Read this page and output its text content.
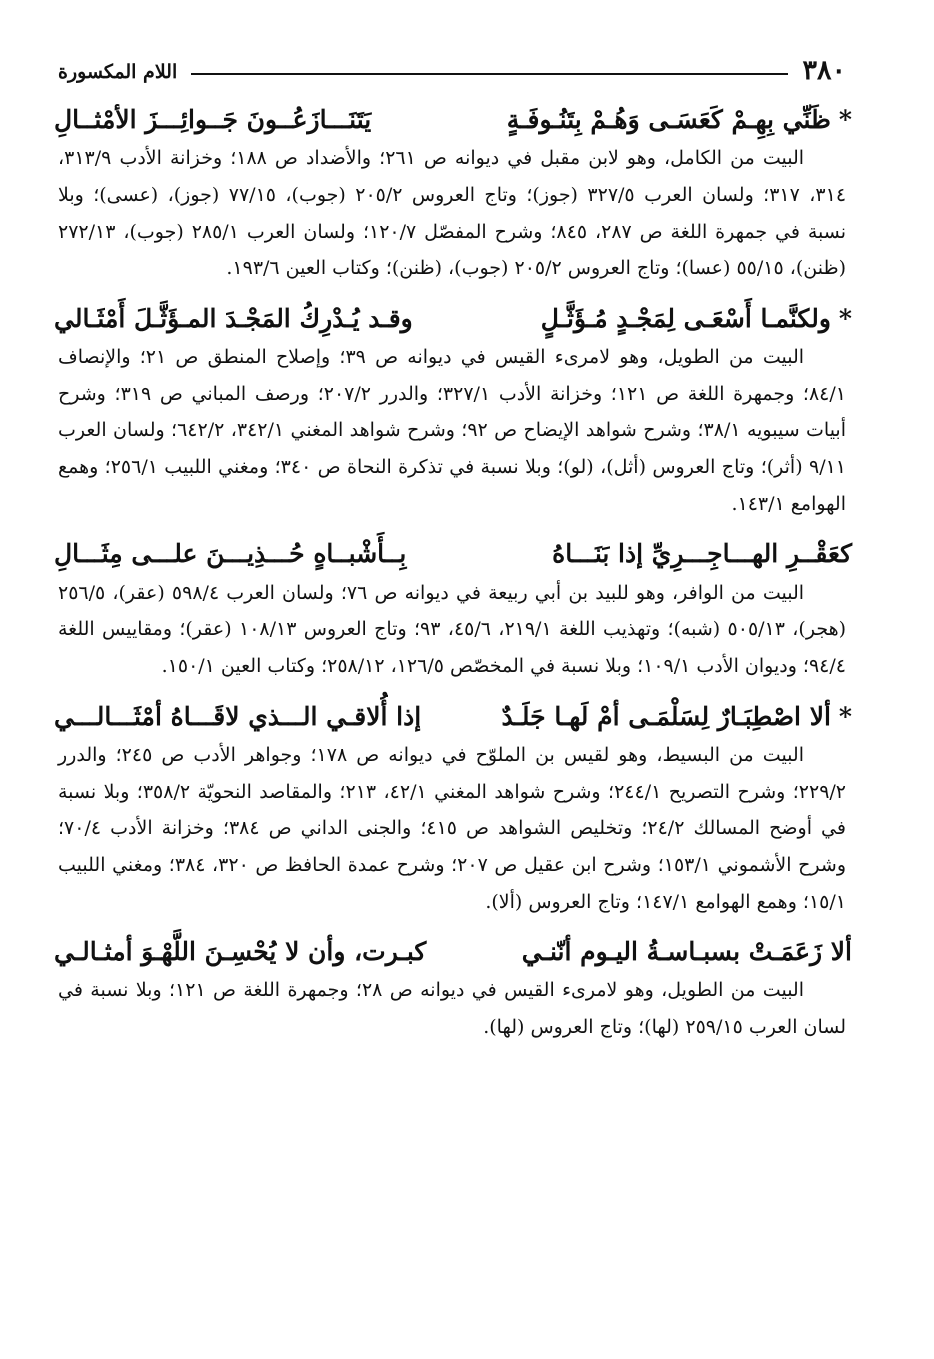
٣٨٠
اللام المكسورة
*ظَنِّي بِهِـمْ كَعَسَـى وَهُـمْ بِتَنُـوفَـةٍ
يَتَنَـــازَعُــونَ جَــوائِـــزَ الأمْثــالِ

البيت من الكامل، وهو لابن مقبل في ديوانه ص ٢٦١؛ والأضداد ص ١٨٨؛ وخزانة الأدب ٣١٣/٩، ٣١٤، ٣١٧؛ ولسان العرب ٣٢٧/٥ (جوز)؛ وتاج العروس ٢٠٥/٢ (جوب)، ٧٧/١٥ (جوز)، (عسى)؛ وبلا نسبة في جمهرة اللغة ص ٢٨٧، ٨٤٥؛ وشرح المفصّل ١٢٠/٧؛ ولسان العرب ٢٨٥/١ (جوب)، ٢٧٢/١٣ (ظنن)، ٥٥/١٥ (عسا)؛ وتاج العروس ٢٠٥/٢ (جوب)، (ظنن)؛ وكتاب العين ١٩٣/٦.

*ولكنَّمـا أَسْعَـى لِمَجْـدٍ مُـؤَثَّـلٍ
وقـد يُـدْرِكُ المَجْـدَ المـؤَثَّـلَ أَمْثَـالي

البيت من الطويل، وهو لامرىء القيس في ديوانه ص ٣٩؛ وإصلاح المنطق ص ٢١؛ والإنصاف ٨٤/١؛ وجمهرة اللغة ص ١٢١؛ وخزانة الأدب ٣٢٧/١؛ والدرر ٢٠٧/٢؛ ورصف المباني ص ٣١٩؛ وشرح أبيات سيبويه ٣٨/١؛ وشرح شواهد الإيضاح ص ٩٢؛ وشرح شواهد المغني ٣٤٢/١، ٦٤٢/٢؛ ولسان العرب ٩/١١ (أثر)؛ وتاج العروس (أثل)، (لو)؛ وبلا نسبة في تذكرة النحاة ص ٣٤٠؛ ومغني اللبيب ٢٥٦/١؛ وهمع الهوامع ١٤٣/١.

كعَقْــرِ الهـــاجِـــرِيِّ إذا بَنَـــاهُ
بِــأَشْبــاهٍ حُـــذِيـــنَ علـــى مِثَـــالِ

البيت من الوافر، وهو للبيد بن أبي ربيعة في ديوانه ص ٧٦؛ ولسان العرب ٥٩٨/٤ (عقر)، ٢٥٦/٥ (هجر)، ٥٠٥/١٣ (شبه)؛ وتهذيب اللغة ٢١٩/١، ٤٥/٦، ٩٣؛ وتاج العروس ١٠٨/١٣ (عقر)؛ ومقاييس اللغة ٩٤/٤؛ وديوان الأدب ١٠٩/١؛ وبلا نسبة في المخصّص ١٢٦/٥، ٢٥٨/١٢؛ وكتاب العين ١٥٠/١.

*ألا اصْطِبَـارٌ لِسَلْمَـى أمْ لَهـا جَلَـدٌ
إذا أُلاقـي الـــذي لاقَـــاهُ أمْثَـــالـــي

البيت من البسيط، وهو لقيس بن الملوّح في ديوانه ص ١٧٨؛ وجواهر الأدب ص ٢٤٥؛ والدرر ٢٢٩/٢؛ وشرح التصريح ٢٤٤/١؛ وشرح شواهد المغني ٤٢/١، ٢١٣؛ والمقاصد النحويّة ٣٥٨/٢؛ وبلا نسبة في أوضح المسالك ٢٤/٢؛ وتخليص الشواهد ص ٤١٥؛ والجنى الداني ص ٣٨٤؛ وخزانة الأدب ٧٠/٤؛ وشرح الأشموني ١٥٣/١؛ وشرح ابن عقيل ص ٢٠٧؛ وشرح عمدة الحافظ ص ٣٢٠، ٣٨٤؛ ومغني اللبيب ١٥/١؛ وهمع الهوامع ١٤٧/١؛ وتاج العروس (ألا).

ألا زَعَمَـتْ بسبـاسـةُ اليـوم أنّنـي
كبـرت، وأن لا يُحْسِـنَ اللَّهْـوَ أمثـالـي

البيت من الطويل، وهو لامرىء القيس في ديوانه ص ٢٨؛ وجمهرة اللغة ص ١٢١؛ وبلا نسبة في لسان العرب ٢٥٩/١٥ (لها)؛ وتاج العروس (لها).
